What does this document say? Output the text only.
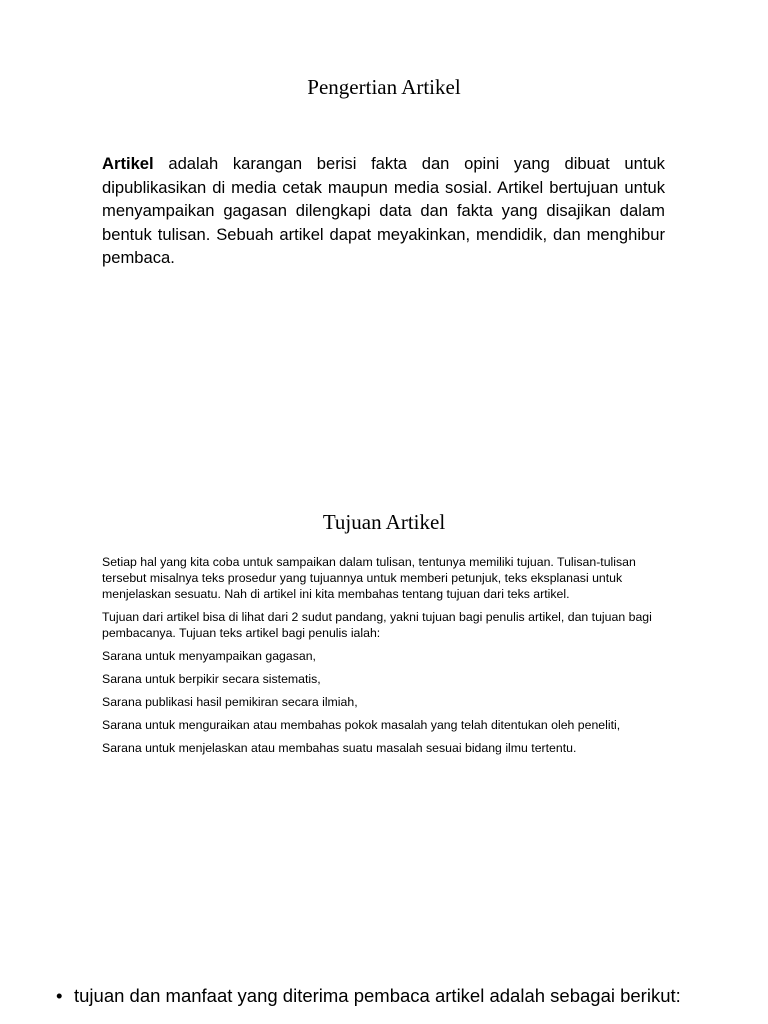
Pengertian Artikel
Artikel adalah karangan berisi fakta dan opini yang dibuat untuk dipublikasikan di media cetak maupun media sosial. Artikel bertujuan untuk menyampaikan gagasan dilengkapi data dan fakta yang disajikan dalam bentuk tulisan. Sebuah artikel dapat meyakinkan, mendidik, dan menghibur pembaca.
Tujuan Artikel

Setiap hal yang kita coba untuk sampaikan dalam tulisan, tentunya memiliki tujuan. Tulisan-tulisan tersebut misalnya teks prosedur yang tujuannya untuk memberi petunjuk, teks eksplanasi untuk menjelaskan sesuatu. Nah di artikel ini kita membahas tentang tujuan dari teks artikel.

Tujuan dari artikel bisa di lihat dari 2 sudut pandang, yakni tujuan bagi penulis artikel, dan tujuan bagi pembacanya. Tujuan teks artikel bagi penulis ialah:

Sarana untuk menyampaikan gagasan,

Sarana untuk berpikir secara sistematis,

Sarana publikasi hasil pemikiran secara ilmiah,

Sarana untuk menguraikan atau membahas pokok masalah yang telah ditentukan oleh peneliti,

Sarana untuk menjelaskan atau membahas suatu masalah sesuai bidang ilmu tertentu.

• tujuan dan manfaat yang diterima pembaca artikel adalah sebagai berikut:
